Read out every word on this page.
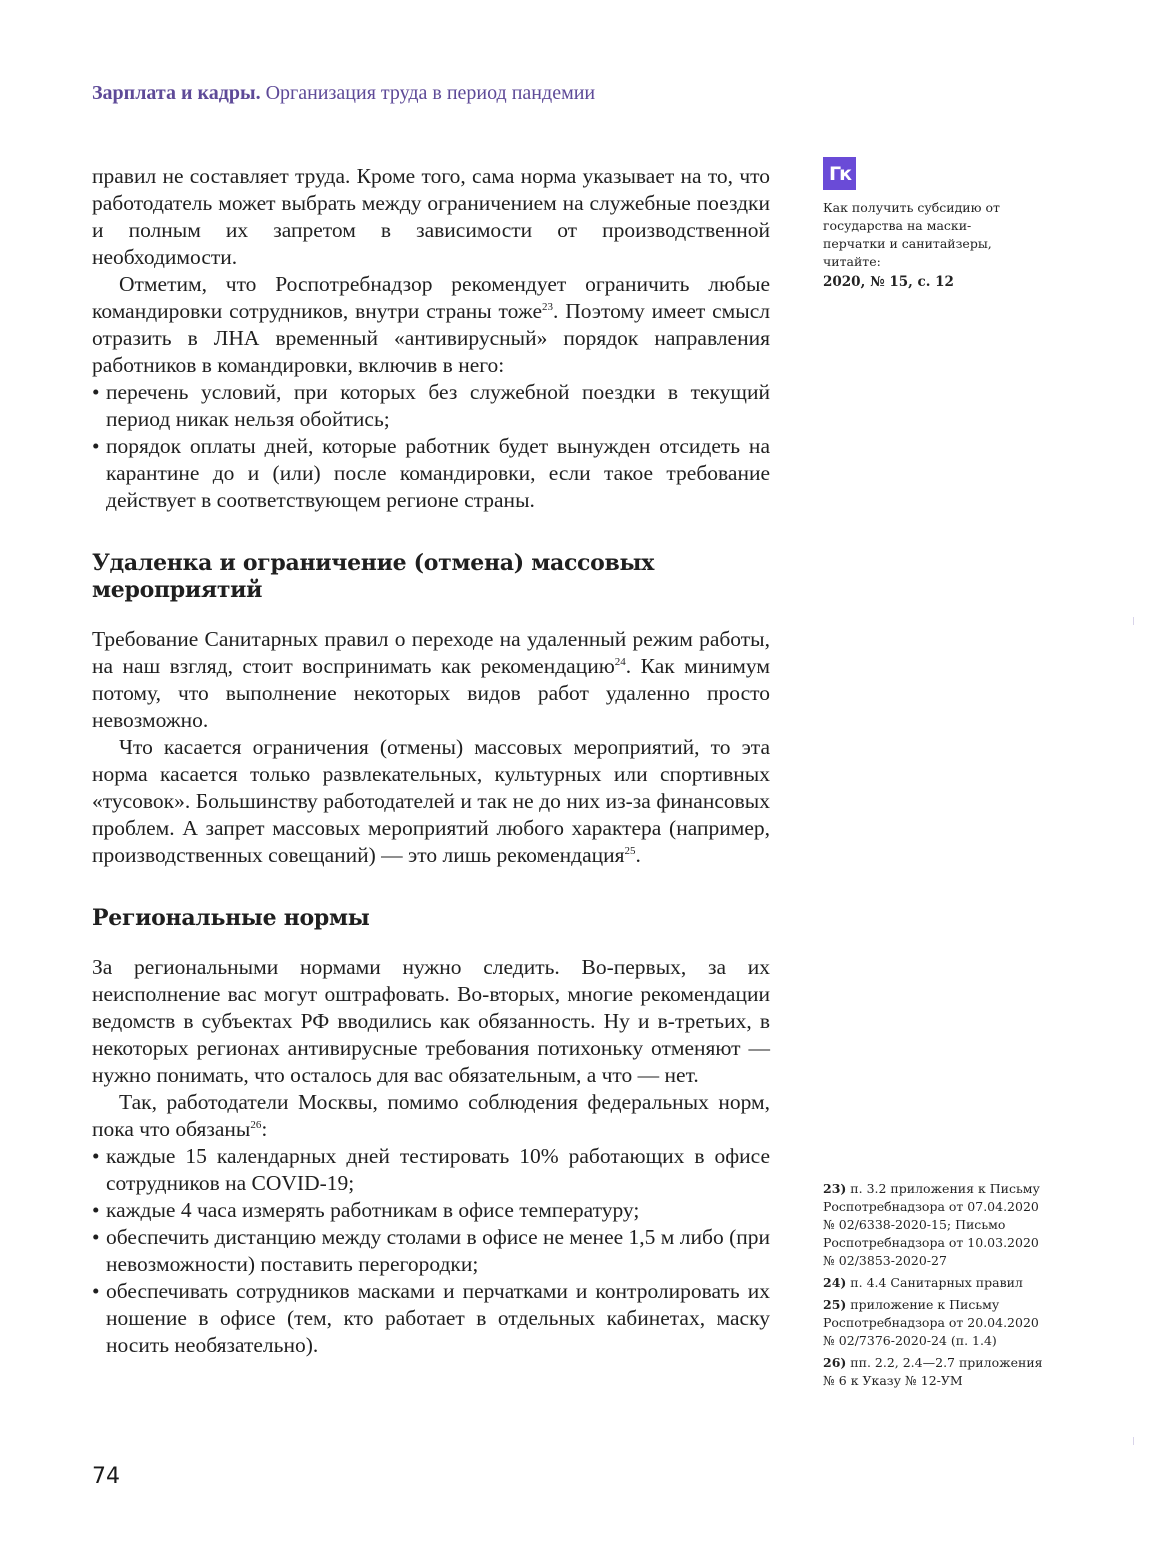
Зарплата и кадры. Организация труда в период пандемии
Гк
Как получить субсидию от государства на маски-перчатки и санитайзеры, читайте:
2020, № 15, с. 12

правил не составляет труда. Кроме того, сама норма указывает на то, что работодатель может выбрать между ограничением на служебные поездки и полным их запретом в зависимости от производственной необходимости.

Отметим, что Роспотребнадзор рекомендует ограничить любые командировки сотрудников, внутри страны тоже$^{23}$. Поэтому имеет смысл отразить в ЛНА временный «антивирусный» порядок направления работников в командировки, включив в него:

• перечень условий, при которых без служебной поездки в текущий период никак нельзя обойтись;
• порядок оплаты дней, которые работник будет вынужден отсидеть на карантине до и (или) после командировки, если такое требование действует в соответствующем регионе страны.
Удаленка и ограничение (отмена) массовых мероприятий

Требование Санитарных правил о переходе на удаленный режим работы, на наш взгляд, стоит воспринимать как рекомендацию$^{24}$. Как минимум потому, что выполнение некоторых видов работ удаленно просто невозможно.

Что касается ограничения (отмены) массовых мероприятий, то эта норма касается только развлекательных, культурных или спортивных «тусовок». Большинству работодателей и так не до них из-за финансовых проблем. А запрет массовых мероприятий любого характера (например, производственных совещаний) — это лишь рекомендация$^{25}$.

Региональные нормы

За региональными нормами нужно следить. Во-первых, за их неисполнение вас могут оштрафовать. Во-вторых, многие рекомендации ведомств в субъектах РФ вводились как обязанность. Ну и в-третьих, в некоторых регионах антивирусные требования потихоньку отменяют — нужно понимать, что осталось для вас обязательным, а что — нет.

Так, работодатели Москвы, помимо соблюдения федеральных норм, пока что обязаны$^{26}$:

• каждые 15 календарных дней тестировать 10% работающих в офисе сотрудников на COVID-19;
• каждые 4 часа измерять работникам в офисе температуру;
• обеспечить дистанцию между столами в офисе не менее 1,5 м либо (при невозможности) поставить перегородки;
• обеспечивать сотрудников масками и перчатками и контролировать их ношение в офисе (тем, кто работает в отдельных кабинетах, маску носить необязательно).
23) п. 3.2 приложения к Письму Роспотребнадзора от 07.04.2020 № 02/6338-2020-15; Письмо Роспотребнадзора от 10.03.2020 № 02/3853-2020-27
24) п. 4.4 Санитарных правил
25) приложение к Письму Роспотребнадзора от 20.04.2020 № 02/7376-2020-24 (п. 1.4)
26) пп. 2.2, 2.4—2.7 приложения № 6 к Указу № 12-УМ
74
